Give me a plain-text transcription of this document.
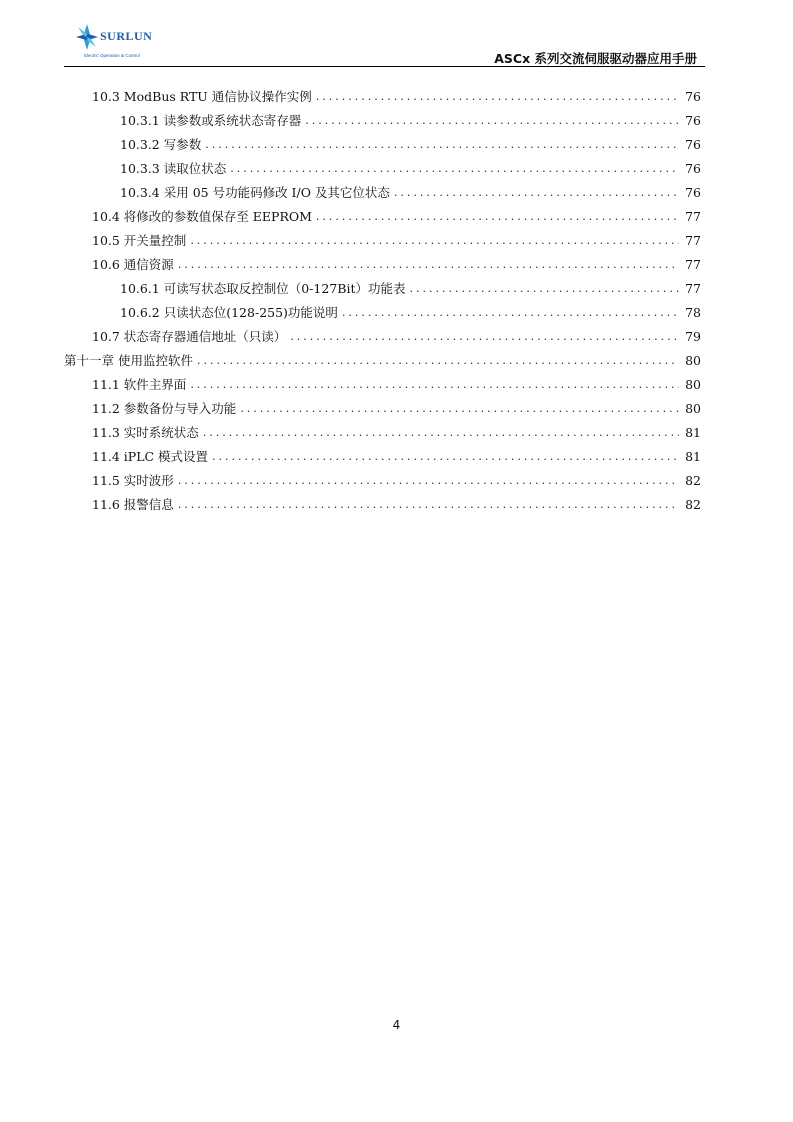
SURLUN
Electric Operation & Control	ASCx 系列交流伺服驱动器应用手册
10.3 ModBus RTU 通信协议操作实例 .....	76
10.3.1 读参数或系统状态寄存器 .....	76
10.3.2 写参数 .....	76
10.3.3 读取位状态 .....	76
10.3.4 采用 05 号功能码修改 I/O 及其它位状态 .....	76
10.4 将修改的参数值保存至 EEPROM .....	77
10.5 开关量控制 .....	77
10.6 通信资源 .....	77
10.6.1 可读写状态取反控制位（0-127Bit）功能表 .....	77
10.6.2 只读状态位(128-255)功能说明 .....	78
10.7 状态寄存器通信地址（只读） .....	79
第十一章 使用监控软件 .....	80
11.1 软件主界面 .....	80
11.2 参数备份与导入功能 .....	80
11.3 实时系统状态 .....	81
11.4 iPLC 模式设置 .....	81
11.5 实时波形 .....	82
11.6 报警信息 .....	82
4
